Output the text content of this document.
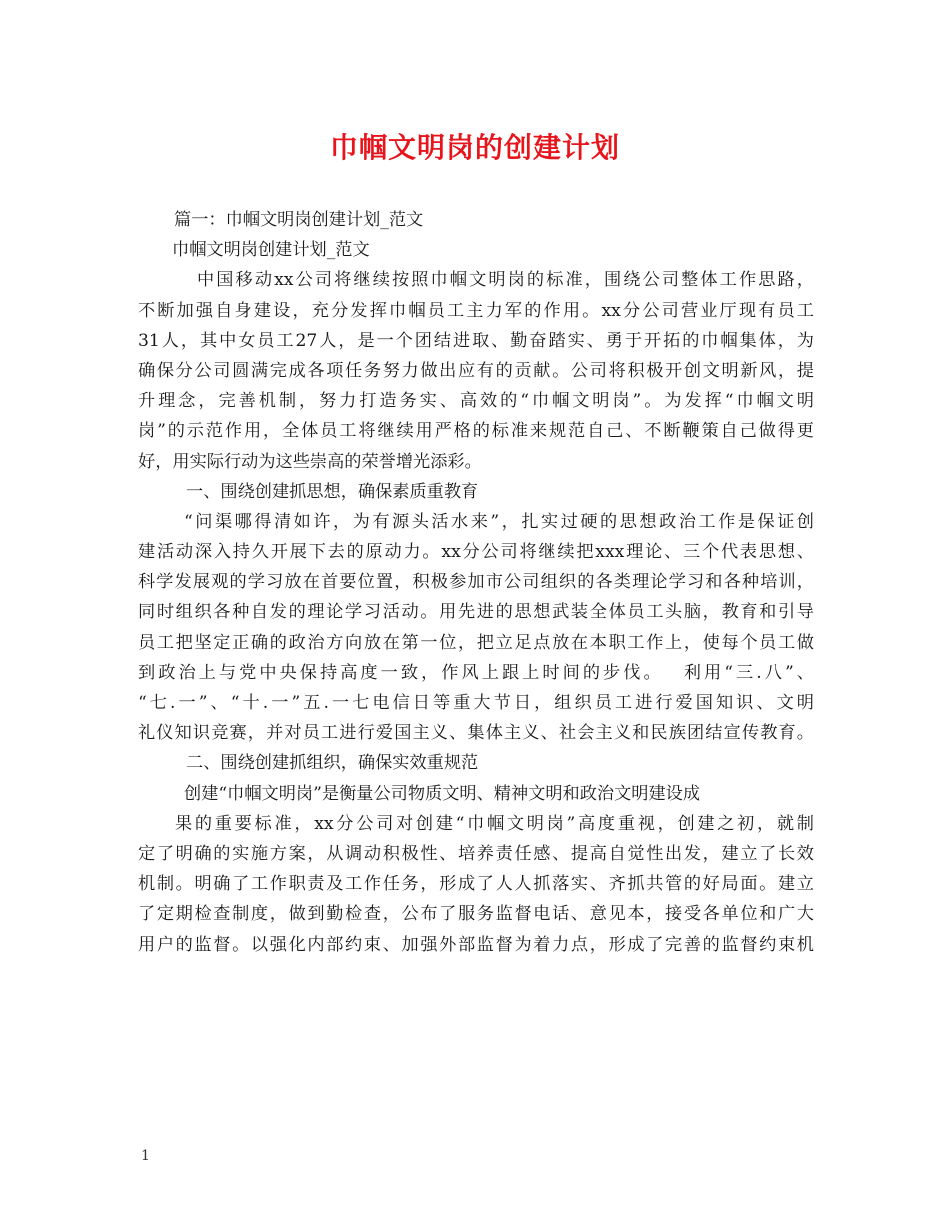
巾帼文明岗的创建计划
篇一：巾帼文明岗创建计划_范文
巾帼文明岗创建计划_范文
中国移动xx公司将继续按照巾帼文明岗的标准，围绕公司整体工作思路，
不断加强自身建设，充分发挥巾帼员工主力军的作用。xx分公司营业厅现有员工
31人，其中女员工27人，是一个团结进取、勤奋踏实、勇于开拓的巾帼集体，为
确保分公司圆满完成各项任务努力做出应有的贡献。公司将积极开创文明新风，提
升理念，完善机制，努力打造务实、高效的“巾帼文明岗”。为发挥“巾帼文明
岗”的示范作用，全体员工将继续用严格的标准来规范自己、不断鞭策自己做得更
好，用实际行动为这些崇高的荣誉增光添彩。
一、围绕创建抓思想，确保素质重教育
“问渠哪得清如许，为有源头活水来”，扎实过硬的思想政治工作是保证创
建活动深入持久开展下去的原动力。xx分公司将继续把xxx理论、三个代表思想、
科学发展观的学习放在首要位置，积极参加市公司组织的各类理论学习和各种培训，
同时组织各种自发的理论学习活动。用先进的思想武装全体员工头脑，教育和引导
员工把坚定正确的政治方向放在第一位，把立足点放在本职工作上，使每个员工做
到政治上与党中央保持高度一致，作风上跟上时间的步伐。　 利用“三.八”、
“七.一”、“十.一”五.一七电信日等重大节日，组织员工进行爱国知识、文明
礼仪知识竞赛，并对员工进行爱国主义、集体主义、社会主义和民族团结宣传教育。
二、围绕创建抓组织，确保实效重规范
创建“巾帼文明岗”是衡量公司物质文明、精神文明和政治文明建设成
果的重要标准，xx分公司对创建“巾帼文明岗”高度重视，创建之初，就制
定了明确的实施方案，从调动积极性、培养责任感、提高自觉性出发，建立了长效
机制。明确了工作职责及工作任务，形成了人人抓落实、齐抓共管的好局面。建立
了定期检查制度，做到勤检查，公布了服务监督电话、意见本，接受各单位和广大
用户的监督。以强化内部约束、加强外部监督为着力点，形成了完善的监督约束机
1
